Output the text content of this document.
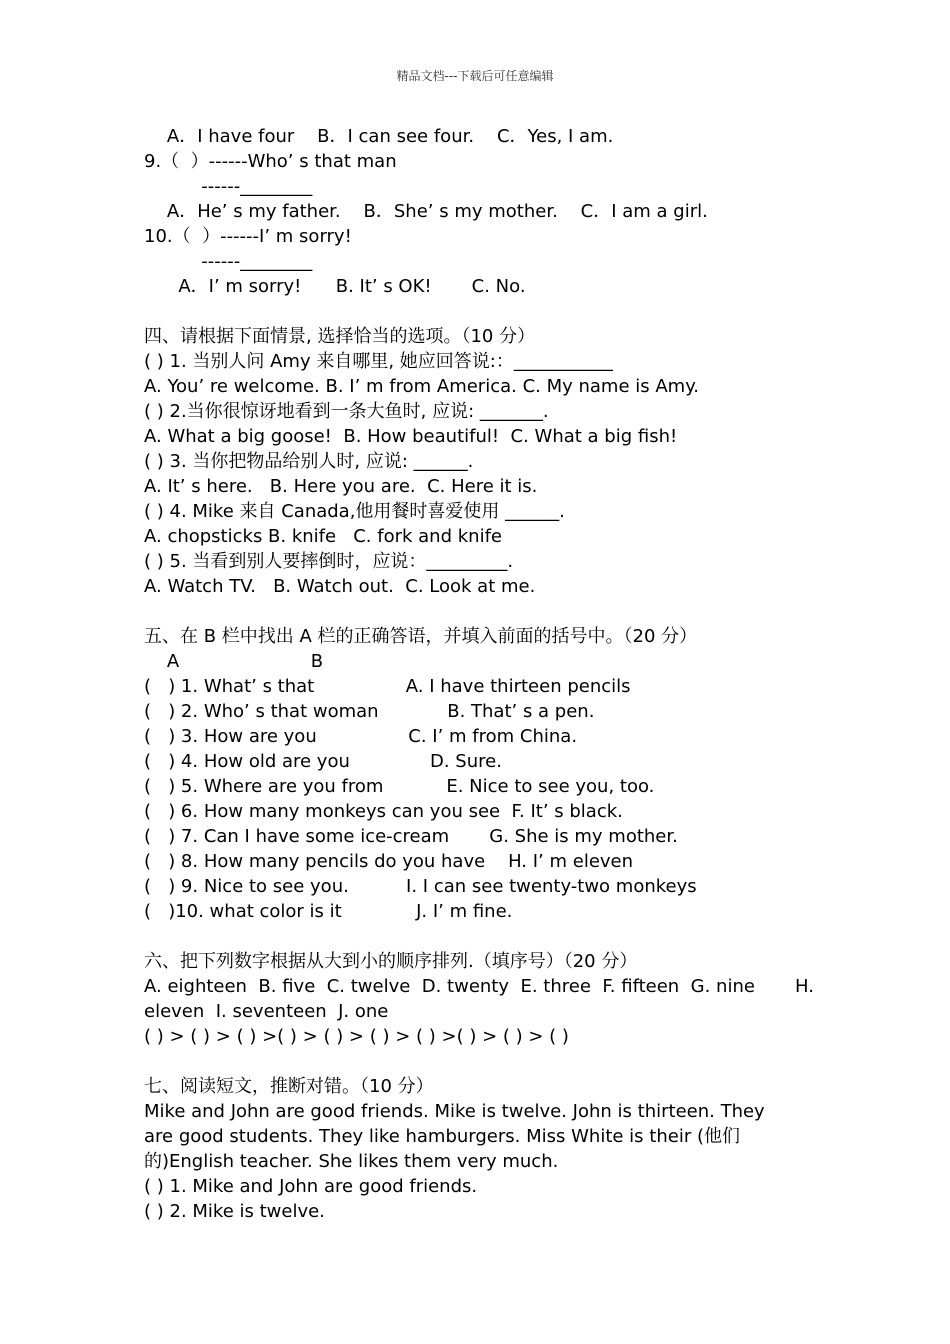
精品文档---下载后可任意编辑
A．I have four    B．I can see four.    C．Yes, I am.
9.（  ）------Who’ s that man
------________
A．He’ s my father.    B．She’ s my mother.    C．I am a girl.
10.（  ）------I’ m sorry!
------________
A．I’ m sorry!      B. It’ s OK!       C. No.
四、请根据下面情景, 选择恰当的选项。（10 分）
( ) 1. 当别人问 Amy 来自哪里, 她应回答说:：___________
A. You’ re welcome. B. I’ m from America. C. My name is Amy.
( ) 2.当你很惊讶地看到一条大鱼时, 应说: _______.
A. What a big goose!  B. How beautiful!  C. What a big fish!
( ) 3. 当你把物品给别人时, 应说: ______.
A. It’ s here.   B. Here you are.  C. Here it is.
( ) 4. Mike 来自 Canada,他用餐时喜爱使用 ______.
A. chopsticks B. knife   C. fork and knife
( ) 5. 当看到别人要摔倒时，应说：_________.
A. Watch TV.   B. Watch out.  C. Look at me.
五、在 B 栏中找出 A 栏的正确答语，并填入前面的括号中。（20 分）
A                       B
(   ) 1. What’ s that                A. I have thirteen pencils
(   ) 2. Who’ s that woman            B. That’ s a pen.
(   ) 3. How are you                C. I’ m from China.
(   ) 4. How old are you              D. Sure.
(   ) 5. Where are you from           E. Nice to see you, too.
(   ) 6. How many monkeys can you see  F. It’ s black.
(   ) 7. Can I have some ice-cream       G. She is my mother.
(   ) 8. How many pencils do you have    H. I’ m eleven
(   ) 9. Nice to see you.          I. I can see twenty-two monkeys
(   )10. what color is it             J. I’ m fine.
六、把下列数字根据从大到小的顺序排列.（填序号）（20 分）
A. eighteen  B. five  C. twelve  D. twenty  E. three  F. fifteen  G. nine       H.
eleven  I. seventeen  J. one
( ) > ( ) > ( ) >( ) > ( ) > ( ) > ( ) >( ) > ( ) > ( )
七、阅读短文，推断对错。（10 分）
Mike and John are good friends. Mike is twelve. John is thirteen. They
are good students. They like hamburgers. Miss White is their (他们
的)English teacher. She likes them very much.
( ) 1. Mike and John are good friends.
( ) 2. Mike is twelve.
